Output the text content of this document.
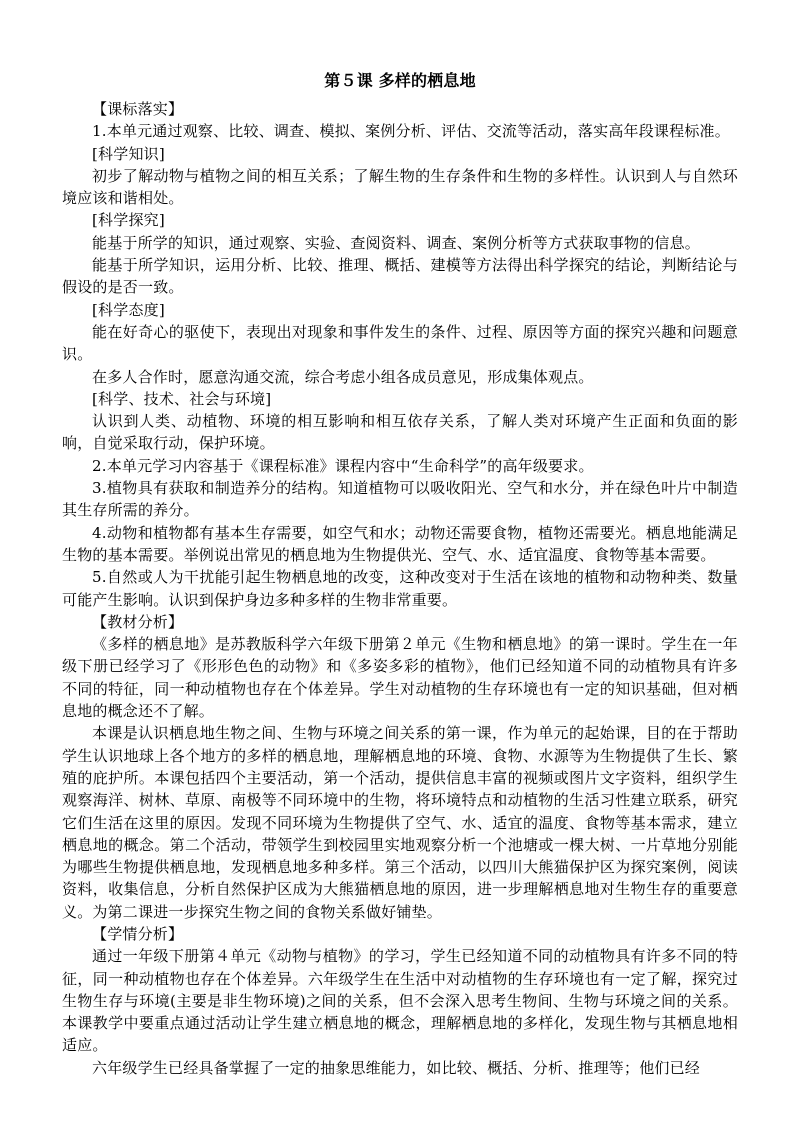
第５课 多样的栖息地
【课标落实】
1.本单元通过观察、比较、调查、模拟、案例分析、评估、交流等活动，落实高年段课程标准。
[科学知识]
初步了解动物与植物之间的相互关系；了解生物的生存条件和生物的多样性。认识到人与自然环境应该和谐相处。
[科学探究]
能基于所学的知识，通过观察、实验、查阅资料、调查、案例分析等方式获取事物的信息。
能基于所学知识，运用分析、比较、推理、概括、建模等方法得出科学探究的结论，判断结论与假设的是否一致。
[科学态度]
能在好奇心的驱使下，表现出对现象和事件发生的条件、过程、原因等方面的探究兴趣和问题意识。
在多人合作时，愿意沟通交流，综合考虑小组各成员意见，形成集体观点。
[科学、技术、社会与环境]
认识到人类、动植物、环境的相互影响和相互依存关系，了解人类对环境产生正面和负面的影响，自觉采取行动，保护环境。
2.本单元学习内容基于《课程标准》课程内容中“生命科学”的高年级要求。
3.植物具有获取和制造养分的结构。知道植物可以吸收阳光、空气和水分，并在绿色叶片中制造其生存所需的养分。
4.动物和植物都有基本生存需要，如空气和水；动物还需要食物，植物还需要光。栖息地能满足生物的基本需要。举例说出常见的栖息地为生物提供光、空气、水、适宜温度、食物等基本需要。
5.自然或人为干扰能引起生物栖息地的改变，这种改变对于生活在该地的植物和动物种类、数量可能产生影响。认识到保护身边多种多样的生物非常重要。
【教材分析】
《多样的栖息地》是苏教版科学六年级下册第２单元《生物和栖息地》的第一课时。学生在一年级下册已经学习了《形形色色的动物》和《多姿多彩的植物》，他们已经知道不同的动植物具有许多不同的特征，同一种动植物也存在个体差异。学生对动植物的生存环境也有一定的知识基础，但对栖息地的概念还不了解。
本课是认识栖息地生物之间、生物与环境之间关系的第一课，作为单元的起始课，目的在于帮助学生认识地球上各个地方的多样的栖息地，理解栖息地的环境、食物、水源等为生物提供了生长、繁殖的庇护所。本课包括四个主要活动，第一个活动，提供信息丰富的视频或图片文字资料，组织学生观察海洋、树林、草原、南极等不同环境中的生物，将环境特点和动植物的生活习性建立联系，研究它们生活在这里的原因。发现不同环境为生物提供了空气、水、适宜的温度、食物等基本需求，建立栖息地的概念。第二个活动，带领学生到校园里实地观察分析一个池塘或一棵大树、一片草地分别能为哪些生物提供栖息地，发现栖息地多种多样。第三个活动，以四川大熊猫保护区为探究案例，阅读资料，收集信息，分析自然保护区成为大熊猫栖息地的原因，进一步理解栖息地对生物生存的重要意义。为第二课进一步探究生物之间的食物关系做好铺垫。
【学情分析】
通过一年级下册第４单元《动物与植物》的学习，学生已经知道不同的动植物具有许多不同的特征，同一种动植物也存在个体差异。六年级学生在生活中对动植物的生存环境也有一定了解，探究过生物生存与环境(主要是非生物环境)之间的关系，但不会深入思考生物间、生物与环境之间的关系。本课教学中要重点通过活动让学生建立栖息地的概念，理解栖息地的多样化，发现生物与其栖息地相适应。
六年级学生已经具备掌握了一定的抽象思维能力，如比较、概括、分析、推理等；他们已经
